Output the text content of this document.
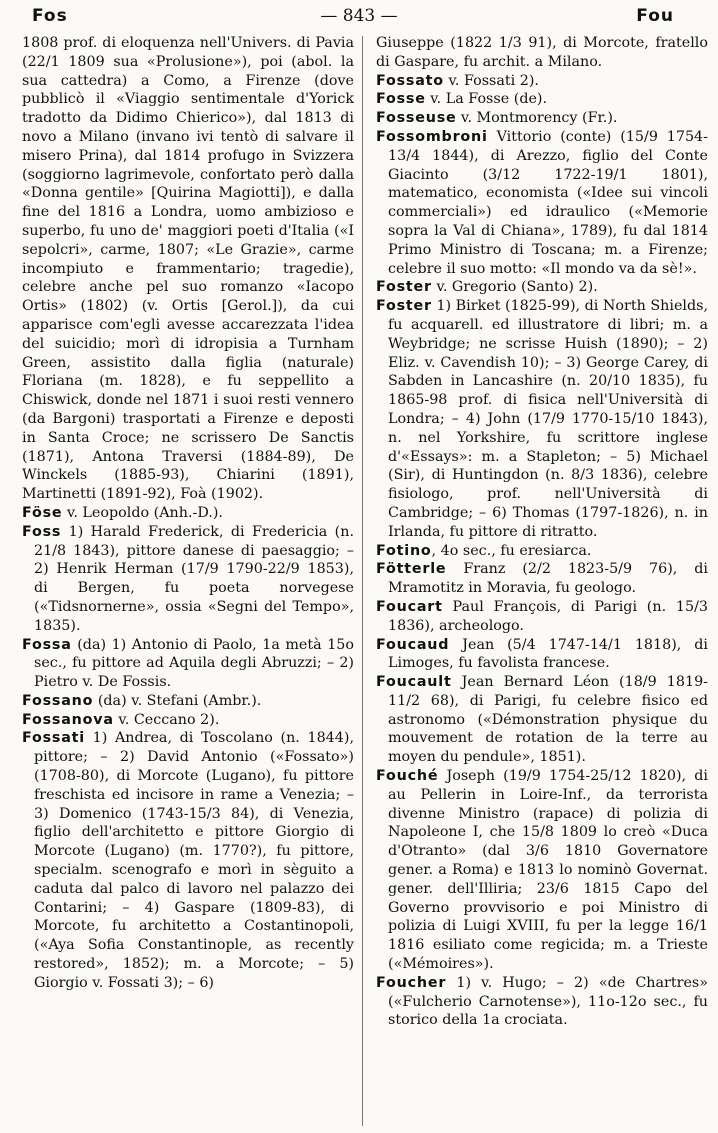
Fos	— 843 —	Fou

1808 prof. di eloquenza nell'Univers. di Pavia (22/1 1809 sua «Prolusione»), poi (abol. la sua cattedra) a Como, a Firenze (dove pubblicò il «Viaggio sentimentale d'Yorick tradotto da Didimo Chierico»), dal 1813 di novo a Milano (invano ivi tentò di salvare il misero Prina), dal 1814 profugo in Svizzera (soggiorno lagrimevole, confortato però dalla «Donna gentile» [Quirina Magiotti]), e dalla fine del 1816 a Londra, uomo ambizioso e superbo, fu uno de' maggiori poeti d'Italia («I sepolcri», carme, 1807; «Le Grazie», carme incompiuto e frammentario; tragedie), celebre anche pel suo romanzo «Iacopo Ortis» (1802) (v. Ortis [Gerol.]), da cui apparisce com'egli avesse accarezzata l'idea del suicidio; morì di idropisia a Turnham Green, assistito dalla figlia (naturale) Floriana (m. 1828), e fu seppellito a Chiswick, donde nel 1871 i suoi resti vennero (da Bargoni) trasportati a Firenze e deposti in Santa Croce; ne scrissero De Sanctis (1871), Antona Traversi (1884-89), De Winckels (1885-93), Chiarini (1891), Martinetti (1891-92), Foà (1902).

Föse v. Leopoldo (Anh.-D.).

Foss 1) Harald Frederick, di Fredericia (n. 21/8 1843), pittore danese di paesaggio; – 2) Henrik Herman (17/9 1790-22/9 1853), di Bergen, fu poeta norvegese («Tidsnornerne», ossia «Segni del Tempo», 1835).

Fossa (da) 1) Antonio di Paolo, 1a metà 15o sec., fu pittore ad Aquila degli Abruzzi; – 2) Pietro v. De Fossis.

Fossano (da) v. Stefani (Ambr.).

Fossanova v. Ceccano 2).

Fossati 1) Andrea, di Toscolano (n. 1844), pittore; – 2) David Antonio («Fossato») (1708-80), di Morcote (Lugano), fu pittore freschista ed incisore in rame a Venezia; – 3) Domenico (1743-15/3 84), di Venezia, figlio dell'architetto e pittore Giorgio di Morcote (Lugano) (m. 1770?), fu pittore, specialm. scenografo e morì in sèguito a caduta dal palco di lavoro nel palazzo dei Contarini; – 4) Gaspare (1809-83), di Morcote, fu architetto a Costantinopoli, («Aya Sofia Constantinople, as recently restored», 1852); m. a Morcote; – 5) Giorgio v. Fossati 3); – 6)

Giuseppe (1822 1/3 91), di Morcote, fratello di Gaspare, fu archit. a Milano.

Fossato v. Fossati 2).

Fosse v. La Fosse (de).

Fosseuse v. Montmorency (Fr.).

Fossombroni Vittorio (conte) (15/9 1754-13/4 1844), di Arezzo, figlio del Conte Giacinto (3/12 1722-19/1 1801), matematico, economista («Idee sui vincoli commerciali») ed idraulico («Memorie sopra la Val di Chiana», 1789), fu dal 1814 Primo Ministro di Toscana; m. a Firenze; celebre il suo motto: «Il mondo va da sè!».

Foster v. Gregorio (Santo) 2).

Foster 1) Birket (1825-99), di North Shields, fu acquarell. ed illustratore di libri; m. a Weybridge; ne scrisse Huish (1890); – 2) Eliz. v. Cavendish 10); – 3) George Carey, di Sabden in Lancashire (n. 20/10 1835), fu 1865-98 prof. di fisica nell'Università di Londra; – 4) John (17/9 1770-15/10 1843), n. nel Yorkshire, fu scrittore inglese d'«Essays»: m. a Stapleton; – 5) Michael (Sir), di Huntingdon (n. 8/3 1836), celebre fisiologo, prof. nell'Università di Cambridge; – 6) Thomas (1797-1826), n. in Irlanda, fu pittore di ritratto.

Fotino, 4o sec., fu eresiarca.

Fötterle Franz (2/2 1823-5/9 76), di Mramotitz in Moravia, fu geologo.

Foucart Paul François, di Parigi (n. 15/3 1836), archeologo.

Foucaud Jean (5/4 1747-14/1 1818), di Limoges, fu favolista francese.

Foucault Jean Bernard Léon (18/9 1819-11/2 68), di Parigi, fu celebre fisico ed astronomo («Démonstration physique du mouvement de rotation de la terre au moyen du pendule», 1851).

Fouché Joseph (19/9 1754-25/12 1820), di au Pellerin in Loire-Inf., da terrorista divenne Ministro (rapace) di polizia di Napoleone I, che 15/8 1809 lo creò «Duca d'Otranto» (dal 3/6 1810 Governatore gener. a Roma) e 1813 lo nominò Governat. gener. dell'Illiria; 23/6 1815 Capo del Governo provvisorio e poi Ministro di polizia di Luigi XVIII, fu per la legge 16/1 1816 esiliato come regicida; m. a Trieste («Mémoires»).

Foucher 1) v. Hugo; – 2) «de Chartres» («Fulcherio Carnotense»), 11o-12o sec., fu storico della 1a crociata.
